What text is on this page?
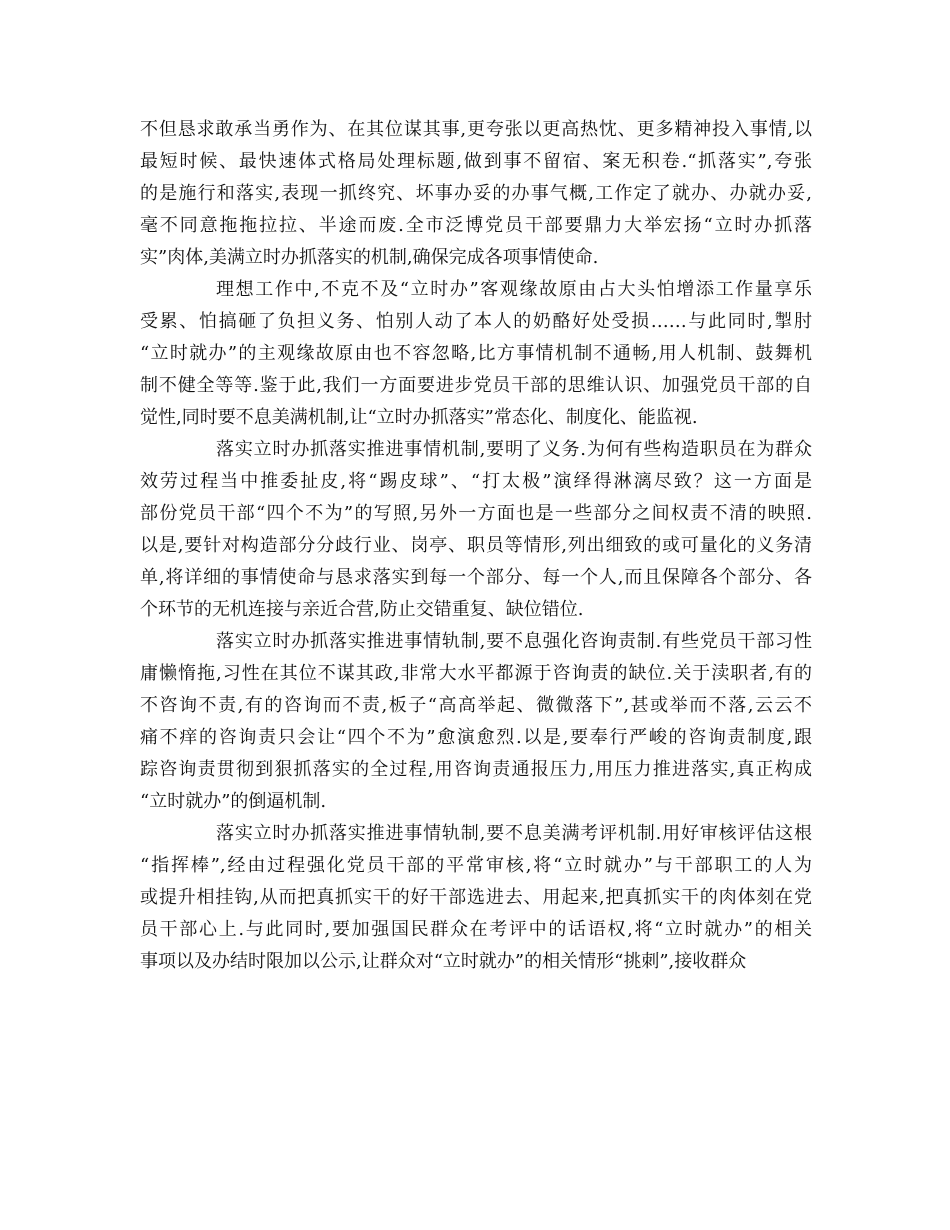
不但恳求敢承当勇作为、在其位谋其事,更夸张以更高热忱、更多精神投入事情,以
最短时候、最快速体式格局处理标题,做到事不留宿、案无积卷.“抓落实”,夸张
的是施行和落实,表现一抓终究、坏事办妥的办事气概,工作定了就办、办就办妥,
毫不同意拖拖拉拉、半途而废.全市泛博党员干部要鼎力大举宏扬“立时办抓落
实”肉体,美满立时办抓落实的机制,确保完成各项事情使命.
理想工作中,不克不及“立时办”客观缘故原由占大头怕增添工作量享乐
受累、怕搞砸了负担义务、怕别人动了本人的奶酪好处受损……与此同时,掣肘
“立时就办”的主观缘故原由也不容忽略,比方事情机制不通畅,用人机制、鼓舞机
制不健全等等.鉴于此,我们一方面要进步党员干部的思维认识、加强党员干部的自
觉性,同时要不息美满机制,让“立时办抓落实”常态化、制度化、能监视.
落实立时办抓落实推进事情机制,要明了义务.为何有些构造职员在为群众
效劳过程当中推委扯皮,将“踢皮球”、“打太极”演绎得淋漓尽致？这一方面是
部份党员干部“四个不为”的写照,另外一方面也是一些部分之间权责不清的映照.
以是,要针对构造部分分歧行业、岗亭、职员等情形,列出细致的或可量化的义务清
单,将详细的事情使命与恳求落实到每一个部分、每一个人,而且保障各个部分、各
个环节的无机连接与亲近合营,防止交错重复、缺位错位.
落实立时办抓落实推进事情轨制,要不息强化咨询责制.有些党员干部习性
庸懒惰拖,习性在其位不谋其政,非常大水平都源于咨询责的缺位.关于渎职者,有的
不咨询不责,有的咨询而不责,板子“高高举起、微微落下”,甚或举而不落,云云不
痛不痒的咨询责只会让“四个不为”愈演愈烈.以是,要奉行严峻的咨询责制度,跟
踪咨询责贯彻到狠抓落实的全过程,用咨询责通报压力,用压力推进落实,真正构成
“立时就办”的倒逼机制.
落实立时办抓落实推进事情轨制,要不息美满考评机制.用好审核评估这根
“指挥棒”,经由过程强化党员干部的平常审核,将“立时就办”与干部职工的人为
或提升相挂钩,从而把真抓实干的好干部选进去、用起来,把真抓实干的肉体刻在党
员干部心上.与此同时,要加强国民群众在考评中的话语权,将“立时就办”的相关
事项以及办结时限加以公示,让群众对“立时就办”的相关情形“挑刺”,接收群众
